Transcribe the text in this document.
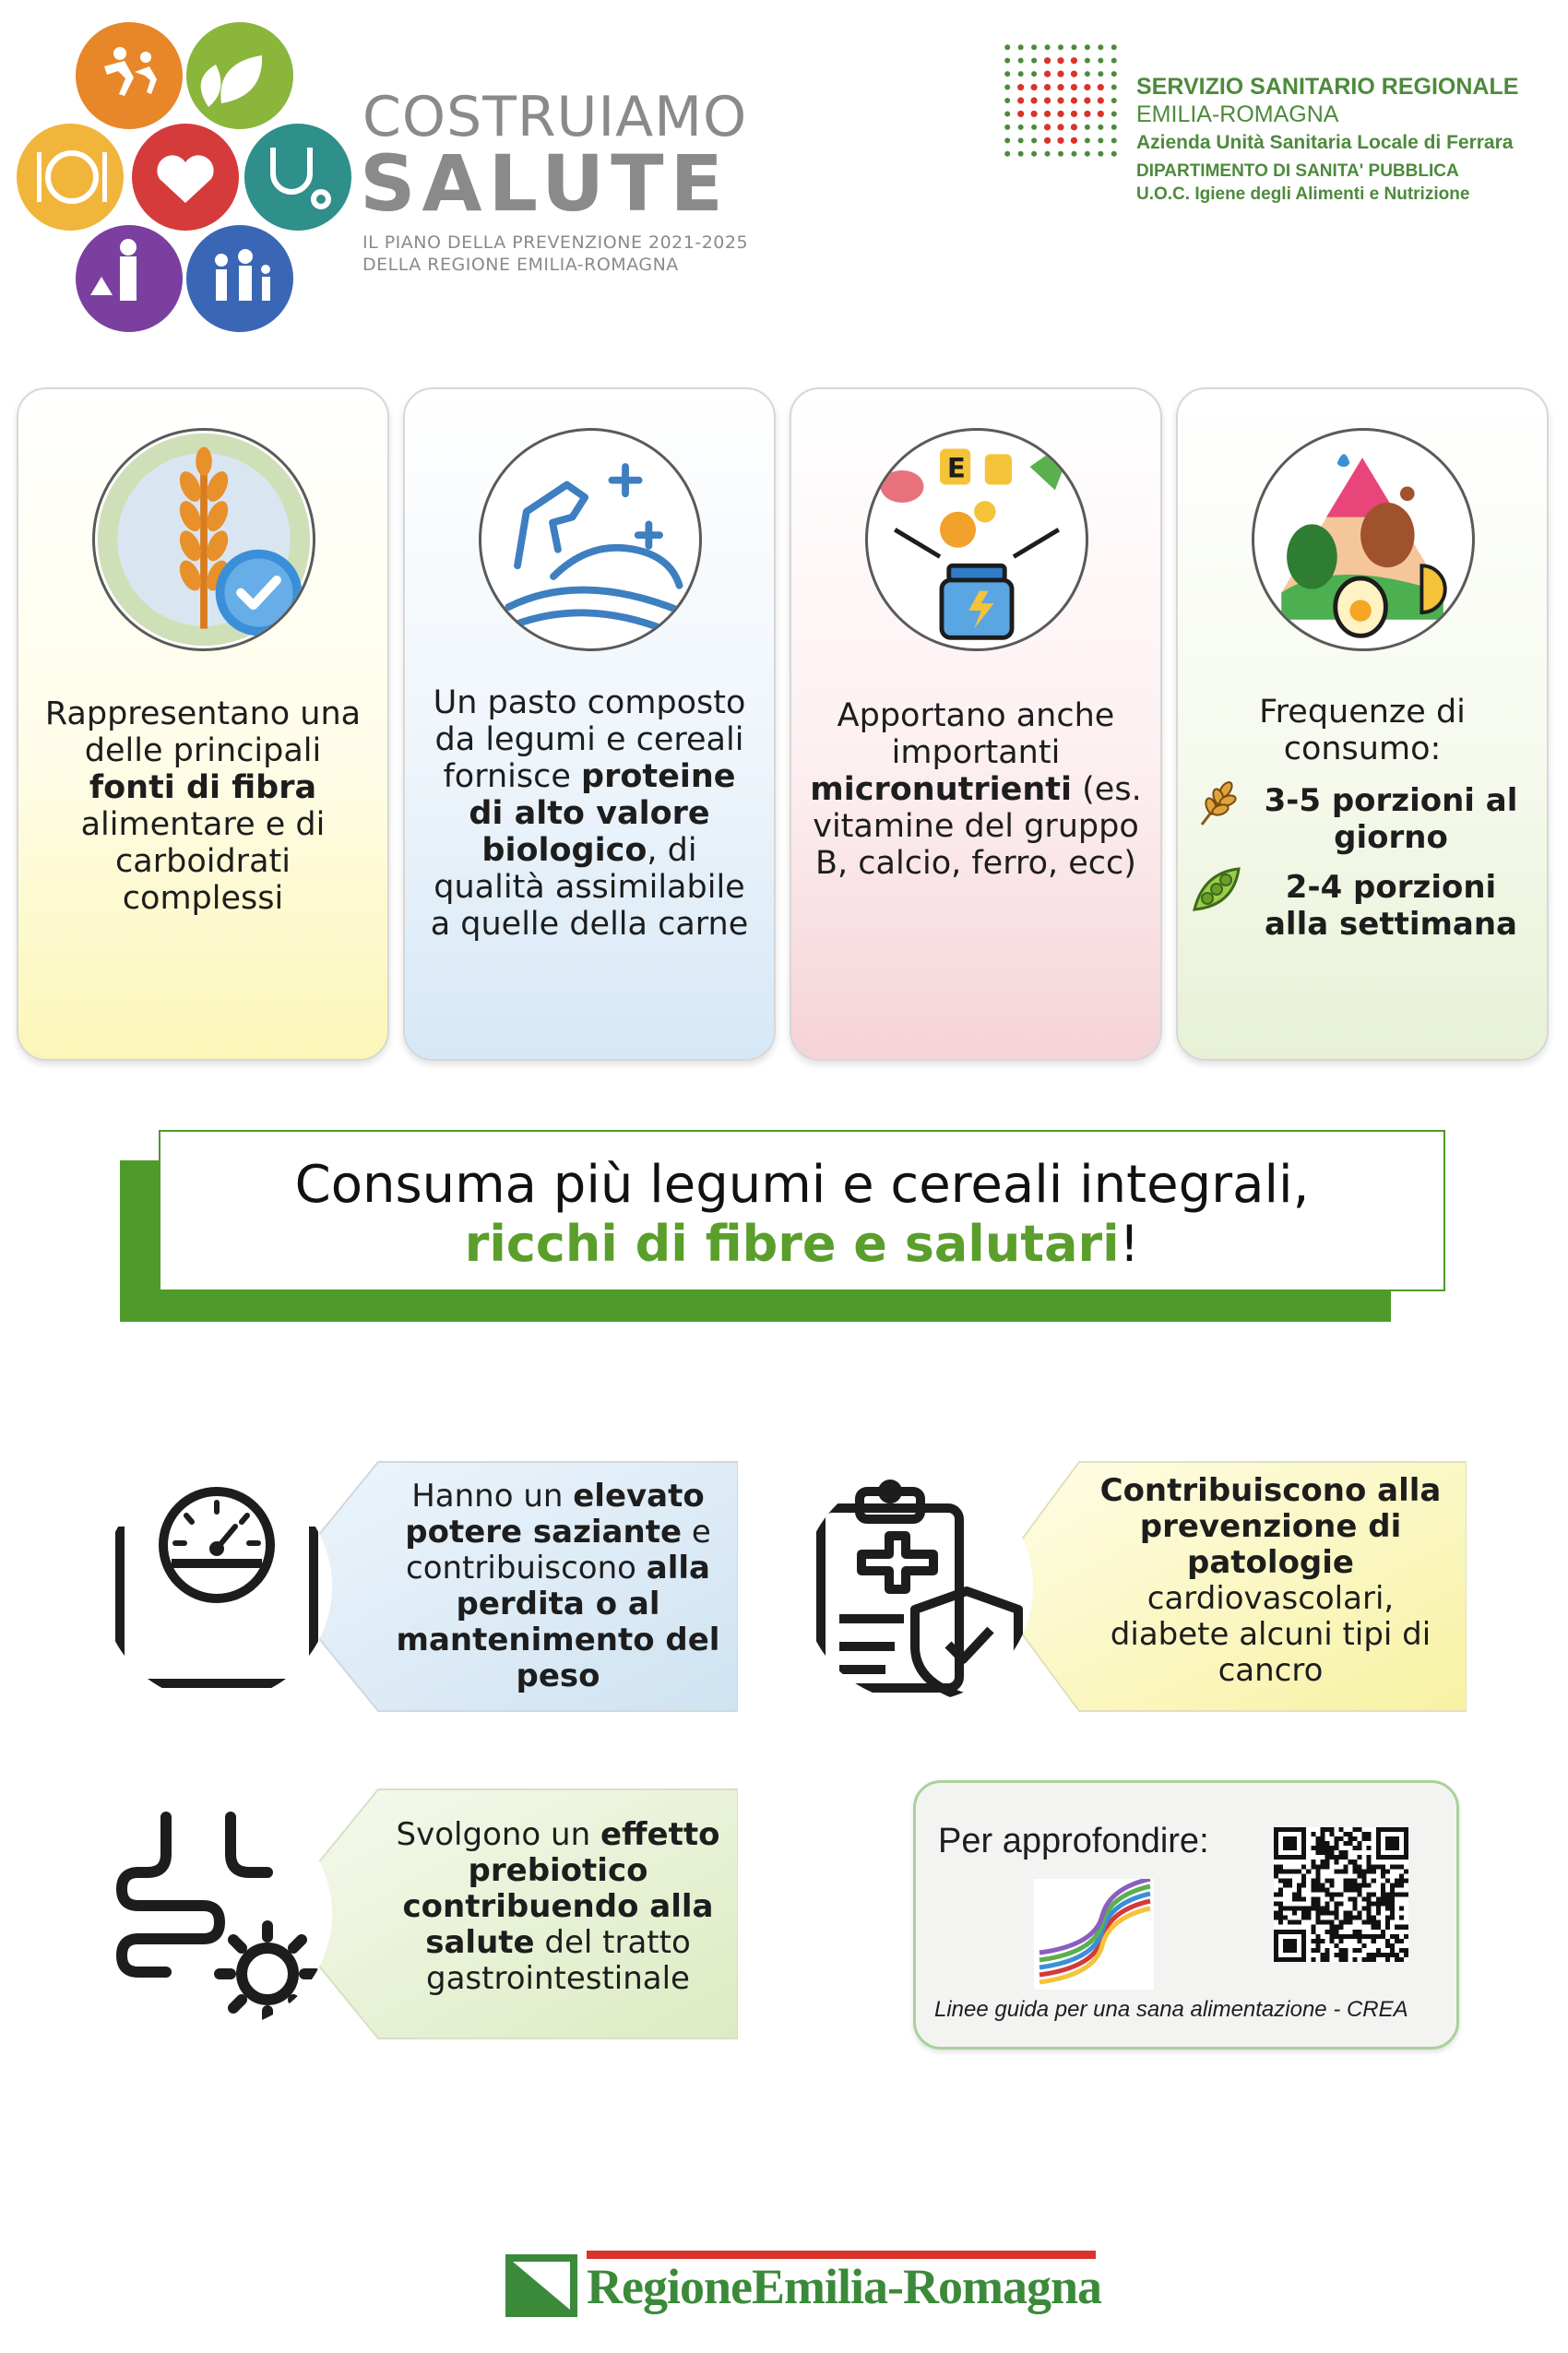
COSTRUIAMO
SALUTE
IL PIANO DELLA PREVENZIONE 2021-2025
DELLA REGIONE EMILIA-ROMAGNA
SERVIZIO SANITARIO REGIONALE
EMILIA-ROMAGNA
Azienda Unità Sanitaria Locale di Ferrara
DIPARTIMENTO DI SANITA' PUBBLICA
U.O.C. Igiene degli Alimenti e Nutrizione
Rappresentano una delle principali fonti di fibra alimentare e di carboidrati complessi
Un pasto composto da legumi e cereali fornisce proteine di alto valore biologico, di qualità assimilabile a quelle della carne
E
Apportano anche importanti micronutrienti (es. vitamine del gruppo B, calcio, ferro, ecc)
Frequenze di consumo:
3-5 porzioni al giorno
2-4 porzioni alla settimana
Consuma più legumi e cereali integrali,
ricchi di fibre e salutari!
Hanno un elevato potere saziante e contribuiscono alla perdita o al mantenimento del peso
Contribuiscono alla prevenzione di patologie cardiovascolari, diabete alcuni tipi di cancro
Svolgono un effetto prebiotico contribuendo alla salute del tratto gastrointestinale
Per approfondire:
Linee guida per una sana alimentazione - CREA
RegioneEmilia-Romagna
